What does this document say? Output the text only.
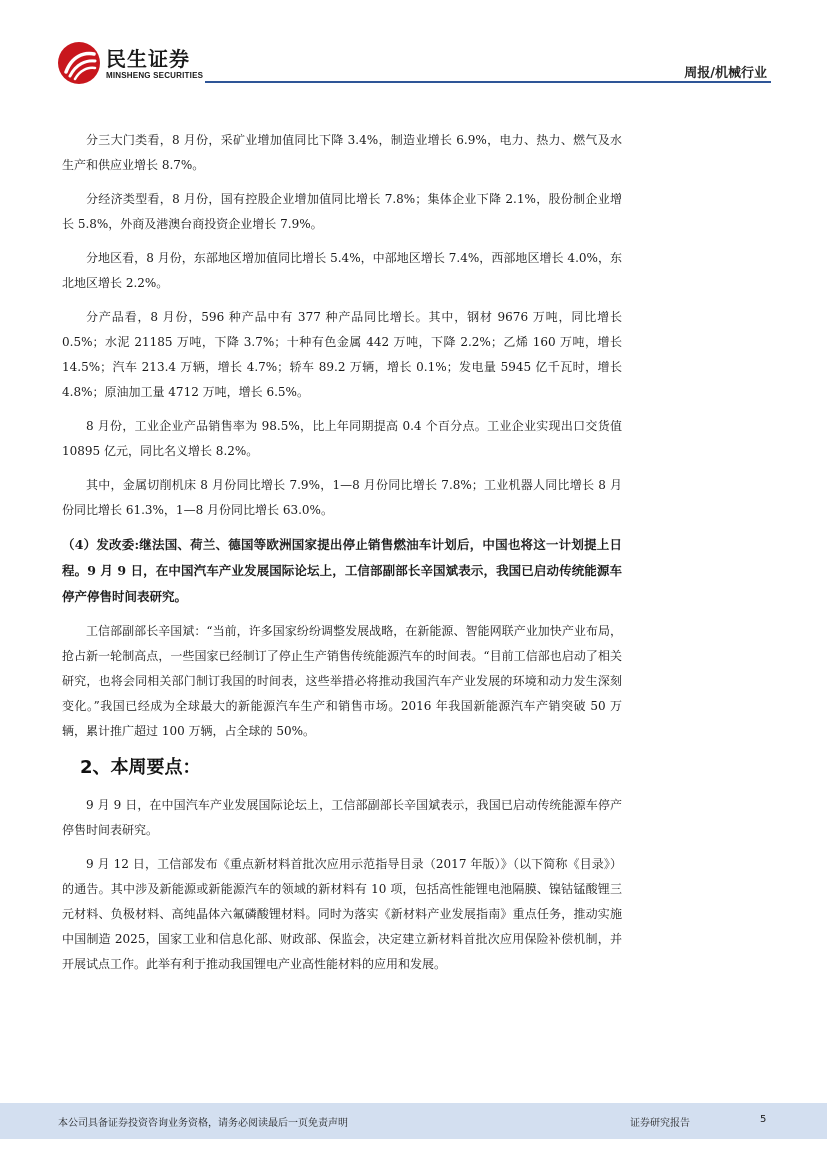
民生证券
MINSHENG SECURITIES	周报/机械行业

分三大门类看，8 月份，采矿业增加值同比下降 3.4%，制造业增长 6.9%，电力、热力、燃气及水生产和供应业增长 8.7%。

分经济类型看，8 月份，国有控股企业增加值同比增长 7.8%；集体企业下降 2.1%，股份制企业增长 5.8%，外商及港澳台商投资企业增长 7.9%。

分地区看，8 月份，东部地区增加值同比增长 5.4%，中部地区增长 7.4%，西部地区增长 4.0%，东北地区增长 2.2%。

分产品看，8 月份，596 种产品中有 377 种产品同比增长。其中，钢材 9676 万吨，同比增长 0.5%；水泥 21185 万吨，下降 3.7%；十种有色金属 442 万吨，下降 2.2%；乙烯 160 万吨，增长 14.5%；汽车 213.4 万辆，增长 4.7%；轿车 89.2 万辆，增长 0.1%；发电量 5945 亿千瓦时，增长 4.8%；原油加工量 4712 万吨，增长 6.5%。

8 月份，工业企业产品销售率为 98.5%，比上年同期提高 0.4 个百分点。工业企业实现出口交货值 10895 亿元，同比名义增长 8.2%。

其中，金属切削机床 8 月份同比增长 7.9%，1—8 月份同比增长 7.8%；工业机器人同比增长 8 月份同比增长 61.3%，1—8 月份同比增长 63.0%。

（4）发改委:继法国、荷兰、德国等欧洲国家提出停止销售燃油车计划后，中国也将这一计划提上日程。9 月 9 日，在中国汽车产业发展国际论坛上，工信部副部长辛国斌表示，我国已启动传统能源车停产停售时间表研究。

工信部副部长辛国斌：“当前，许多国家纷纷调整发展战略，在新能源、智能网联产业加快产业布局，抢占新一轮制高点，一些国家已经制订了停止生产销售传统能源汽车的时间表。“目前工信部也启动了相关研究，也将会同相关部门制订我国的时间表，这些举措必将推动我国汽车产业发展的环境和动力发生深刻变化。”我国已经成为全球最大的新能源汽车生产和销售市场。2016 年我国新能源汽车产销突破 50 万辆，累计推广超过 100 万辆，占全球的 50%。

2、本周要点：

9 月 9 日，在中国汽车产业发展国际论坛上，工信部副部长辛国斌表示，我国已启动传统能源车停产停售时间表研究。

9 月 12 日，工信部发布《重点新材料首批次应用示范指导目录（2017 年版）》（以下简称《目录》）的通告。其中涉及新能源或新能源汽车的领域的新材料有 10 项，包括高性能锂电池隔膜、镍钴锰酸锂三元材料、负极材料、高纯晶体六氟磷酸锂材料。同时为落实《新材料产业发展指南》重点任务，推动实施中国制造 2025，国家工业和信息化部、财政部、保监会，决定建立新材料首批次应用保险补偿机制，并开展试点工作。此举有利于推动我国锂电产业高性能材料的应用和发展。

本公司具备证券投资咨询业务资格，请务必阅读最后一页免责声明	证券研究报告	5
